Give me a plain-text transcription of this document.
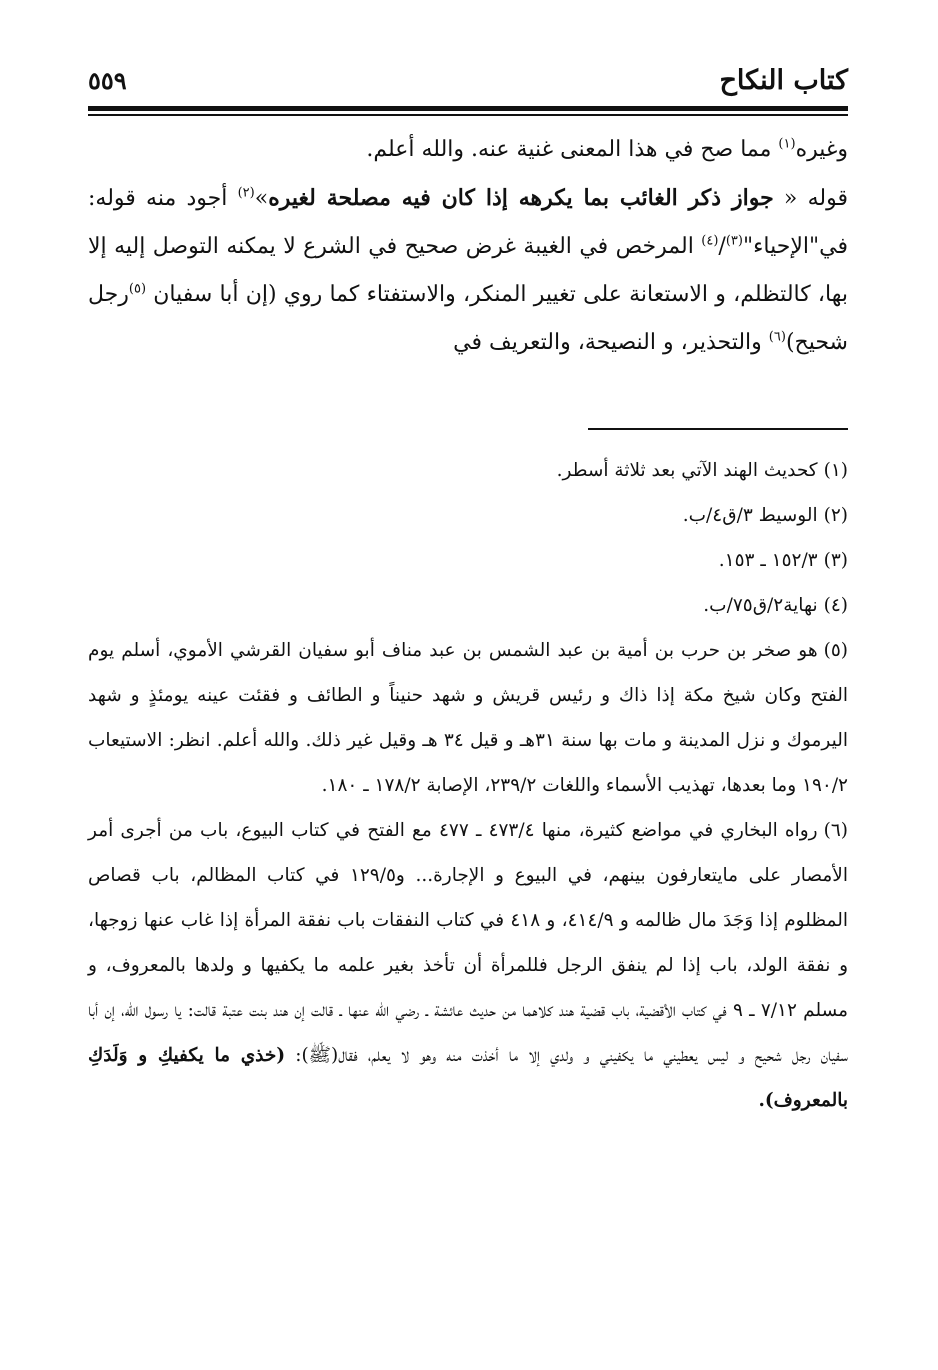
كتاب النكاح
٥٥٩

وغيره$^{(١)}$ مما صح في هذا المعنى غنية عنه. والله أعلم.

قوله « جواز ذكر الغائب بما يكرهه إذا كان فيه مصلحة لغيره»$^{(٢)}$ أجود منه قوله: في"الإحياء"$^{(٣)}$/$^{(٤)}$ المرخص في الغيبة غرض صحيح في الشرع لا يمكنه التوصل إليه إلا بها، كالتظلم، و الاستعانة على تغيير المنكر، والاستفتاء كما روي (إن أبا سفيان $^{(٥)}$رجل شحيح)$^{(٦)}$ والتحذير، و النصيحة، والتعريف في

(١)كحديث الهند الآتي بعد ثلاثة أسطر.

(٢)الوسيط ٣/ق٤/ب.

(٣)١٥٢/٣ ـ ١٥٣.

(٤)نهاية٢/ق٧٥/ب.

(٥)هو صخر بن حرب بن أمية بن عبد الشمس بن عبد مناف أبو سفيان القرشي الأموي، أسلم يوم الفتح وكان شيخ مكة إذا ذاك و رئيس قريش و شهد حنيناً و الطائف و فقئت عينه يومئذٍ و شهد اليرموك و نزل المدينة و مات بها سنة ٣١هـ و قيل ٣٤ هـ وقيل غير ذلك. والله أعلم. انظر: الاستيعاب ١٩٠/٢ وما بعدها، تهذيب الأسماء واللغات ٢٣٩/٢، الإصابة ١٧٨/٢ ـ ١٨٠.

(٦)رواه البخاري في مواضع كثيرة، منها ٤٧٣/٤ ـ ٤٧٧ مع الفتح في كتاب البيوع، باب من أجرى أمر الأمصار على مايتعارفون بينهم، في البيوع و الإجارة... و١٢٩/٥ في كتاب المظالم، باب قصاص المظلوم إذا وَجَدَ مال ظالمه و ٤١٤/٩، و ٤١٨ في كتاب النفقات باب نفقة المرأة إذا غاب عنها زوجها، و نفقة الولد، باب إذا لم ينفق الرجل فللمرأة أن تأخذ بغير علمه ما يكفيها و ولدها بالمعروف، و مسلم ٧/١٢ ـ ٩ في كتاب الأقضية، باب قضية هند كلاهما من حديث عائشة ـ رضي الله عنها ـ قالت إن هند بنت عتبة قالت: يا رسول الله، إن أبا سفيان رجل شحيح و ليس يعطيني ما يكفيني و ولدي إلا ما أخذت منه وهو لا يعلم، فقال(ﷺ): (خذي ما يكفيكِ و وَلَدَكِ بالمعروف).
